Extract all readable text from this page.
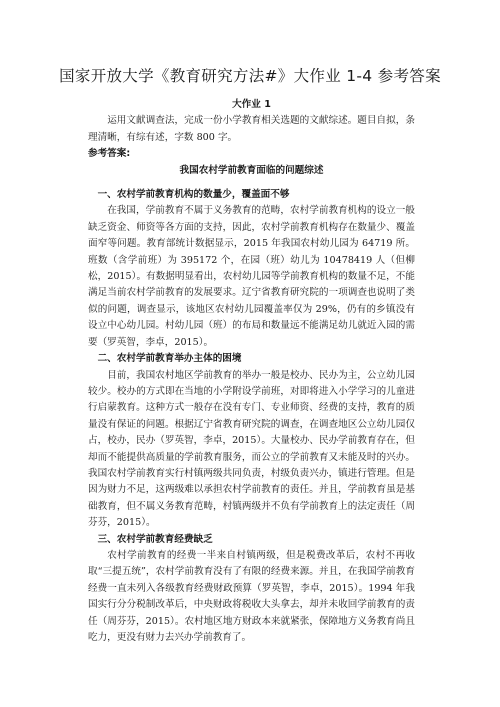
国家开放大学《教育研究方法#》大作业 1-4 参考答案

大作业 1

运用文献调查法，完成一份小学教育相关选题的文献综述。题目自拟，条理清晰，有综有述，字数 800 字。

参考答案:

我国农村学前教育面临的问题综述

一、农村学前教育机构的数量少，覆盖面不够

在我国，学前教育不属于义务教育的范畴，农村学前教育机构的设立一般缺乏资金、师资等各方面的支持，因此，农村学前教育机构存在数量少、覆盖面窄等问题。教育部统计数据显示，2015 年我国农村幼儿园为 64719 所。班数（含学前班）为 395172 个，在园（班）幼儿为 10478419 人（但柳松，2015）。有数据明显看出，农村幼儿园等学前教育机构的数量不足，不能满足当前农村学前教育的发展要求。辽宁省教育研究院的一项调查也说明了类似的问题，调查显示，该地区农村幼儿园覆盖率仅为 29%，仍有的乡镇没有设立中心幼儿园。村幼儿园（班）的布局和数量远不能满足幼儿就近入园的需要（罗英智，李卓，2015）。

二、农村学前教育举办主体的困境

目前，我国农村地区学前教育的举办一般是校办、民办为主，公立幼儿园较少。校办的方式即在当地的小学附设学前班，对即将进入小学学习的儿童进行启蒙教育。这种方式一般存在没有专门、专业师资、经费的支持，教育的质量没有保证的问题。根据辽宁省教育研究院的调查，在调查地区公立幼儿园仅占，校办，民办（罗英智，李卓，2015）。大量校办、民办学前教育存在，但却而不能提供高质量的学前教育服务，而公立的学前教育又未能及时的兴办。我国农村学前教育实行村镇两级共同负责，村级负责兴办，镇进行管理。但是因为财力不足，这两级难以承担农村学前教育的责任。并且，学前教育虽是基础教育，但不属义务教育范畴，村镇两级并不负有学前教育上的法定责任（周芬芬，2015）。

三、农村学前教育经费缺乏

农村学前教育的经费一半来自村镇两级，但是税费改革后，农村不再收取“三提五统”，农村学前教育没有了有限的经费来源。并且，在我国学前教育经费一直未列入各级教育经费财政预算（罗英智，李卓，2015）。1994 年我国实行分分税制改革后，中央财政将税收大头拿去，却并未收回学前教育的责任（周芬芬，2015）。农村地区地方财政本来就紧张，保障地方义务教育尚且吃力，更没有财力去兴办学前教育了。
